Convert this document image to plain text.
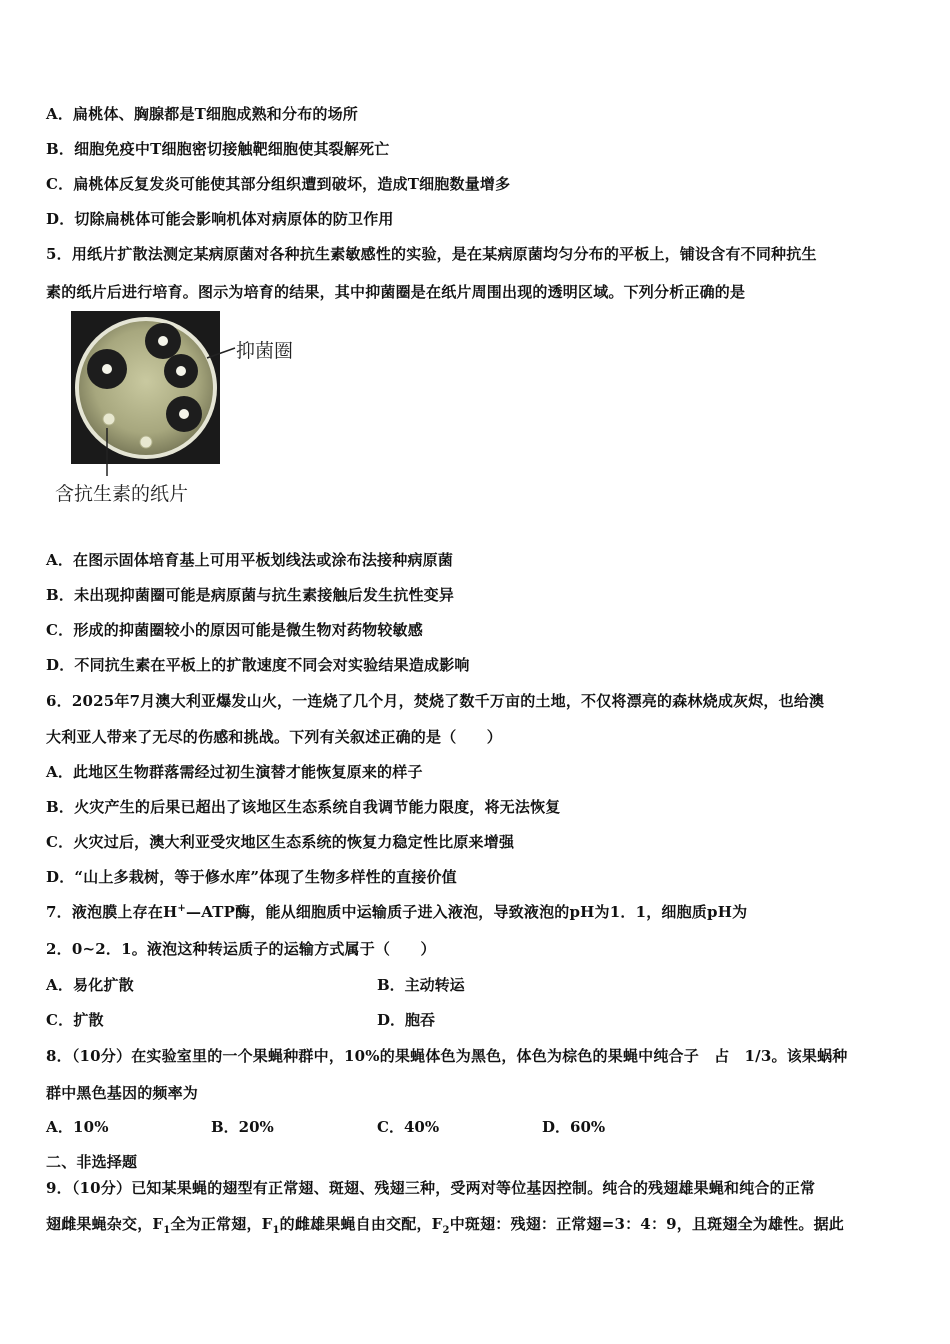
A．扁桃体、胸腺都是T细胞成熟和分布的场所
B．细胞免疫中T细胞密切接触靶细胞使其裂解死亡
C．扁桃体反复发炎可能使其部分组织遭到破坏，造成T细胞数量增多
D．切除扁桃体可能会影响机体对病原体的防卫作用
5．用纸片扩散法测定某病原菌对各种抗生素敏感性的实验，是在某病原菌均匀分布的平板上，铺设含有不同种抗生
素的纸片后进行培育。图示为培育的结果，其中抑菌圈是在纸片周围出现的透明区域。下列分析正确的是
抑菌圈
含抗生素的纸片
A．在图示固体培育基上可用平板划线法或涂布法接种病原菌
B．未出现抑菌圈可能是病原菌与抗生素接触后发生抗性变异
C．形成的抑菌圈较小的原因可能是微生物对药物较敏感
D．不同抗生素在平板上的扩散速度不同会对实验结果造成影响
6．2025年7月澳大利亚爆发山火，一连烧了几个月，焚烧了数千万亩的土地，不仅将漂亮的森林烧成灰烬，也给澳
大利亚人带来了无尽的伤感和挑战。下列有关叙述正确的是（　　）
A．此地区生物群落需经过初生演替才能恢复原来的样子
B．火灾产生的后果已超出了该地区生态系统自我调节能力限度，将无法恢复
C．火灾过后，澳大利亚受灾地区生态系统的恢复力稳定性比原来增强
D．“山上多栽树，等于修水库”体现了生物多样性的直接价值
7．液泡膜上存在H+—ATP酶，能从细胞质中运输质子进入液泡，导致液泡的pH为1．1，细胞质pH为
2．0~2．1。液泡这种转运质子的运输方式属于（　　）
A．易化扩散	B．主动转运
C．扩散	D．胞吞
8．（10分）在实验室里的一个果蝇种群中，10%的果蝇体色为黑色，体色为棕色的果蝇中纯合子　占　1/3。该果蜗种
群中黑色基因的频率为
A．10%	B．20%	C．40%	D．60%
二、非选择题
9．（10分）已知某果蝇的翅型有正常翅、斑翅、残翅三种，受两对等位基因控制。纯合的残翅雄果蝇和纯合的正常
翅雌果蝇杂交，$F_1$全为正常翅，$F_1$的雌雄果蝇自由交配，$F_2$中斑翅：残翅：正常翅=3：4：9，且斑翅全为雄性。据此
